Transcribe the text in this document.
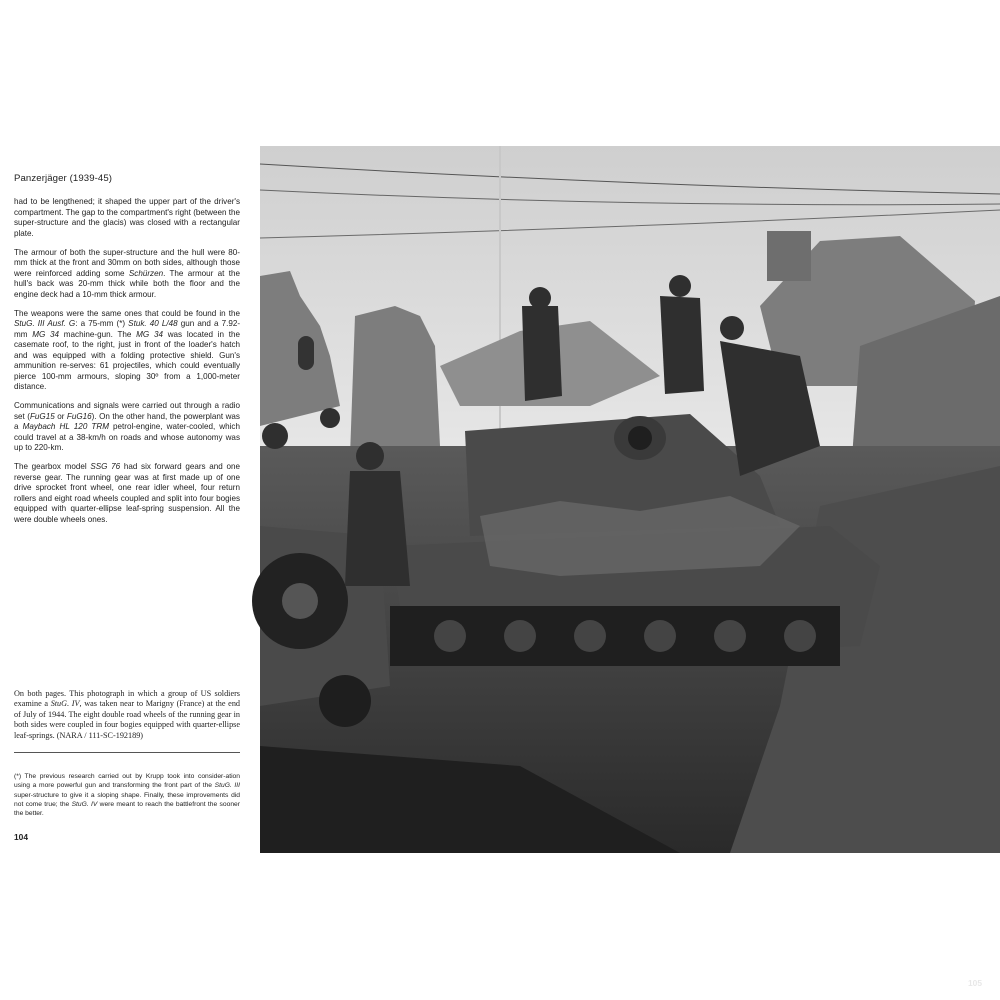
Panzerjäger (1939-45)

had to be lengthened; it shaped the upper part of the driver's compartment. The gap to the compartment's right (between the super-structure and the glacis) was closed with a rectangular plate.

The armour of both the super-structure and the hull were 80-mm thick at the front and 30mm on both sides, although those were reinforced adding some Schürzen. The armour at the hull's back was 20-mm thick while both the floor and the engine deck had a 10-mm thick armour.

The weapons were the same ones that could be found in the StuG. III Ausf. G: a 75-mm (*) Stuk. 40 L/48 gun and a 7.92-mm MG 34 machine-gun. The MG 34 was located in the casemate roof, to the right, just in front of the loader's hatch and was equipped with a folding protective shield. Gun's ammunition re-serves: 61 projectiles, which could eventually pierce 100-mm armours, sloping 30º from a 1,000-meter distance.

Communications and signals were carried out through a radio set (FuG15 or FuG16). On the other hand, the powerplant was a Maybach HL 120 TRM petrol-engine, water-cooled, which could travel at a 38-km/h on roads and whose autonomy was up to 220-km.

The gearbox model SSG 76 had six forward gears and one reverse gear. The running gear was at first made up of one drive sprocket front wheel, one rear idler wheel, four return rollers and eight road wheels coupled and split into four bogies equipped with quarter-ellipse leaf-spring suspension. All the were double wheels ones.

On both pages. This photograph in which a group of US soldiers examine a StuG. IV, was taken near to Marigny (France) at the end of July of 1944. The eight double road wheels of the running gear in both sides were coupled in four bogies equipped with quarter-ellipse leaf-springs. (NARA / 111-SC-192189)
(*) The previous research carried out by Krupp took into consider-ation using a more powerful gun and transforming the front part of the StuG. III super-structure to give it a sloping shape. Finally, these improvements did not come true; the StuG. IV were meant to reach the battlefront the sooner the better.
104
105
